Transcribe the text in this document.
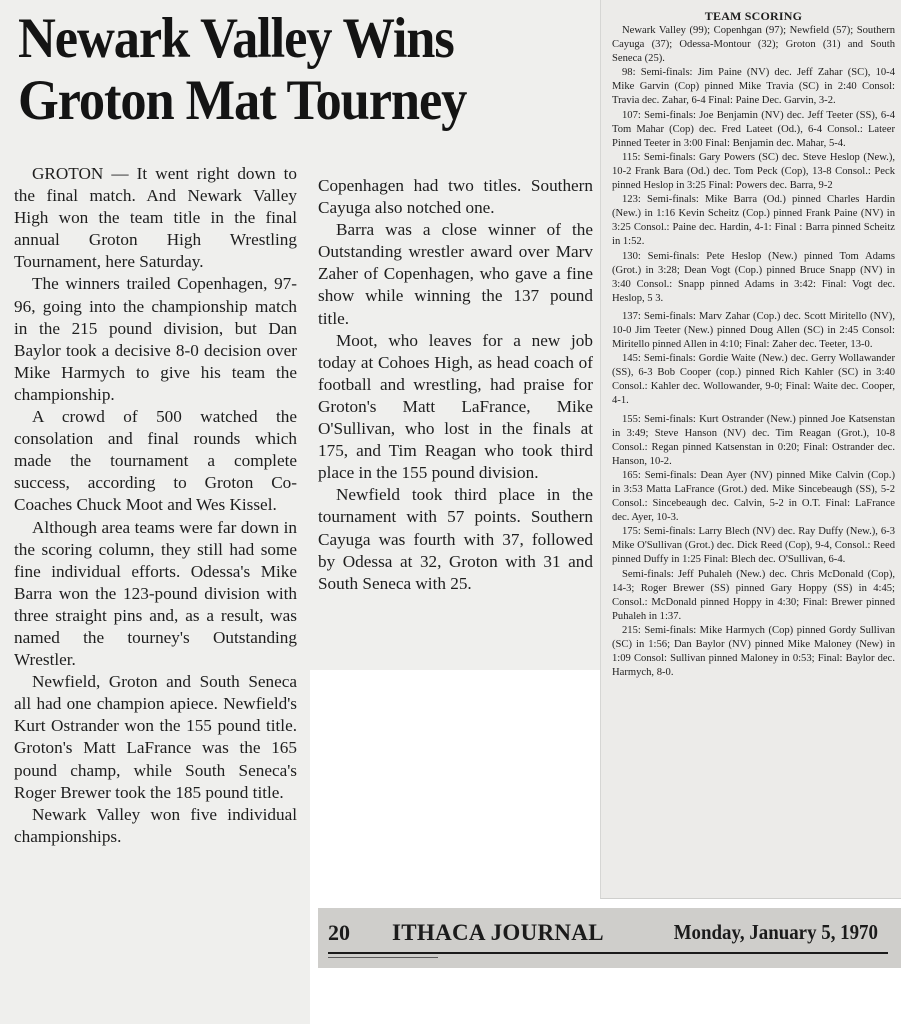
Newark Valley Wins
Groton Mat Tourney

GROTON — It went right down to the final match. And Newark Valley High won the team title in the final annual Groton High Wrestling Tournament, here Saturday.

The winners trailed Copenhagen, 97-96, going into the championship match in the 215 pound division, but Dan Baylor took a decisive 8-0 decision over Mike Harmych to give his team the championship.

A crowd of 500 watched the consolation and final rounds which made the tournament a complete success, according to Groton Co-Coaches Chuck Moot and Wes Kissel.

Although area teams were far down in the scoring column, they still had some fine individual efforts. Odessa's Mike Barra won the 123-pound division with three straight pins and, as a result, was named the tourney's Outstanding Wrestler.

Newfield, Groton and South Seneca all had one champion apiece. Newfield's Kurt Ostrander won the 155 pound title. Groton's Matt LaFrance was the 165 pound champ, while South Seneca's Roger Brewer took the 185 pound title.

Newark Valley won five individual championships.

Copenhagen had two titles. Southern Cayuga also notched one.

Barra was a close winner of the Outstanding wrestler award over Marv Zaher of Copenhagen, who gave a fine show while winning the 137 pound title.

Moot, who leaves for a new job today at Cohoes High, as head coach of football and wrestling, had praise for Groton's Matt LaFrance, Mike O'Sullivan, who lost in the finals at 175, and Tim Reagan who took third place in the 155 pound division.

Newfield took third place in the tournament with 57 points. Southern Cayuga was fourth with 37, followed by Odessa at 32, Groton with 31 and South Seneca with 25.

TEAM SCORING

Newark Valley (99); Copenhgan (97); Newfield (57); Southern Cayuga (37); Odessa-Montour (32); Groton (31) and South Seneca (25).

98: Semi-finals: Jim Paine (NV) dec. Jeff Zahar (SC), 10-4 Mike Garvin (Cop) pinned Mike Travia (SC) in 2:40 Consol: Travia dec. Zahar, 6-4 Final: Paine Dec. Garvin, 3-2.

107: Semi-finals: Joe Benjamin (NV) dec. Jeff Teeter (SS), 6-4 Tom Mahar (Cop) dec. Fred Lateet (Od.), 6-4 Consol.: Lateer Pinned Teeter in 3:00 Final: Benjamin dec. Mahar, 5-4.

115: Semi-finals: Gary Powers (SC) dec. Steve Heslop (New.), 10-2 Frank Bara (Od.) dec. Tom Peck (Cop), 13-8 Consol.: Peck pinned Heslop in 3:25 Final: Powers dec. Barra, 9-2

123: Semi-finals: Mike Barra (Od.) pinned Charles Hardin (New.) in 1:16 Kevin Scheitz (Cop.) pinned Frank Paine (NV) in 3:25 Consol.: Paine dec. Hardin, 4-1: Final : Barra pinned Scheitz in 1:52.

130: Semi-finals: Pete Heslop (New.) pinned Tom Adams (Grot.) in 3:28; Dean Vogt (Cop.) pinned Bruce Snapp (NV) in 3:40 Consol.: Snapp pinned Adams in 3:42: Final: Vogt dec. Heslop, 5 3.

137: Semi-finals: Marv Zahar (Cop.) dec. Scott Miritello (NV), 10-0 Jim Teeter (New.) pinned Doug Allen (SC) in 2:45 Consol: Miritello pinned Allen in 4:10; Final: Zaher dec. Teeter, 13-0.

145: Semi-finals: Gordie Waite (New.) dec. Gerry Wollawander (SS), 6-3 Bob Cooper (cop.) pinned Rich Kahler (SC) in 3:40 Consol.: Kahler dec. Wollowander, 9-0; Final: Waite dec. Cooper, 4-1.

155: Semi-finals: Kurt Ostrander (New.) pinned Joe Katsenstan in 3:49; Steve Hanson (NV) dec. Tim Reagan (Grot.), 10-8 Consol.: Regan pinned Katsenstan in 0:20; Final: Ostrander dec. Hanson, 10-2.

165: Semi-finals: Dean Ayer (NV) pinned Mike Calvin (Cop.) in 3:53 Matta LaFrance (Grot.) ded. Mike Sincebeaugh (SS), 5-2 Consol.: Sincebeaugh dec. Calvin, 5-2 in O.T. Final: LaFrance dec. Ayer, 10-3.

175: Semi-finals: Larry Blech (NV) dec. Ray Duffy (New.), 6-3 Mike O'Sullivan (Grot.) dec. Dick Reed (Cop), 9-4, Consol.: Reed pinned Duffy in 1:25 Final: Blech dec. O'Sullivan, 6-4.

Semi-finals: Jeff Puhaleh (New.) dec. Chris McDonald (Cop), 14-3; Roger Brewer (SS) pinned Gary Hoppy (SS) in 4:45; Consol.: McDonald pinned Hoppy in 4:30; Final: Brewer pinned Puhaleh in 1:37.

215: Semi-finals: Mike Harmych (Cop) pinned Gordy Sullivan (SC) in 1:56; Dan Baylor (NV) pinned Mike Maloney (New) in 1:09 Consol: Sullivan pinned Maloney in 0:53; Final: Baylor dec. Harmych, 8-0.

20 ITHACA JOURNAL	Monday, January 5, 1970
